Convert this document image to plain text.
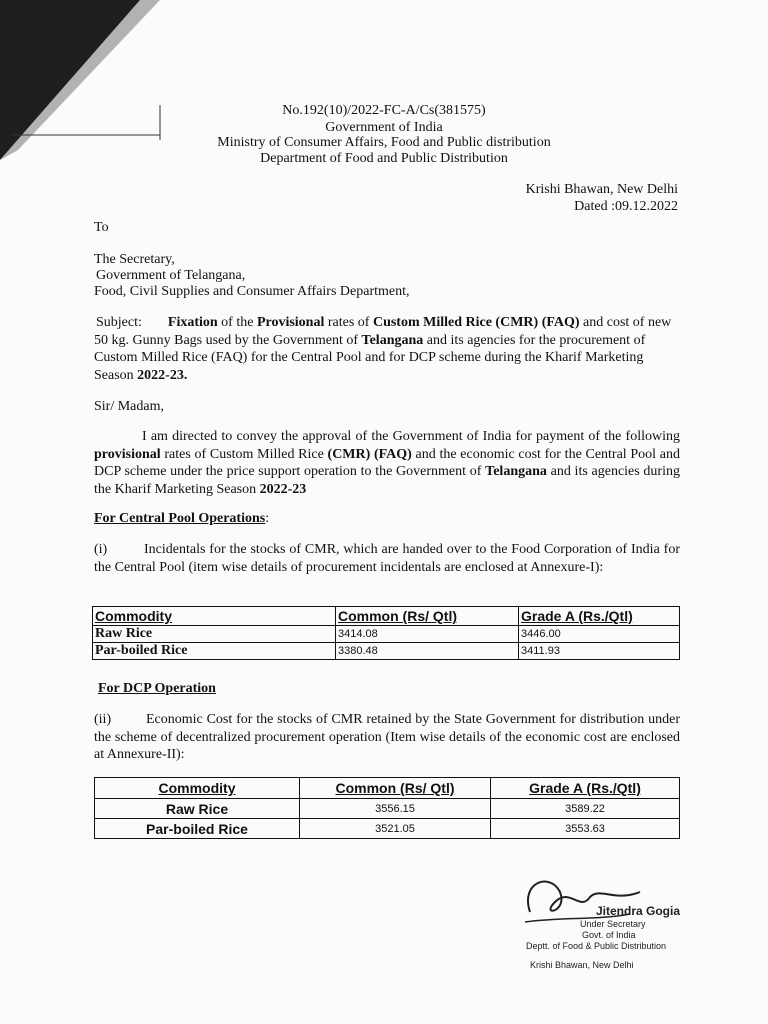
No.192(10)/2022-FC-A/Cs(381575)
Government of India
Ministry of Consumer Affairs, Food and Public distribution
Department of Food and Public Distribution
Krishi Bhawan, New Delhi
Dated :09.12.2022
To
The Secretary,
Government of Telangana,
Food, Civil Supplies and Consumer Affairs Department,
Subject: Fixation of the Provisional rates of Custom Milled Rice (CMR) (FAQ) and cost of new 50 kg. Gunny Bags used by the Government of Telangana and its agencies for the procurement of Custom Milled Rice (FAQ) for the Central Pool and for DCP scheme during the Kharif Marketing Season 2022-23.
Sir/ Madam,
I am directed to convey the approval of the Government of India for payment of the following provisional rates of Custom Milled Rice (CMR) (FAQ) and the economic cost for the Central Pool and DCP scheme under the price support operation to the Government of Telangana and its agencies during the Kharif Marketing Season 2022-23
For Central Pool Operations:
(i)	Incidentals for the stocks of CMR, which are handed over to the Food Corporation of India for the Central Pool (item wise details of procurement incidentals are enclosed at Annexure-I):
Commodity	Common (Rs/ Qtl)	Grade A (Rs./Qtl)
Raw Rice	3414.08	3446.00
Par-boiled Rice	3380.48	3411.93
For DCP Operation
(ii) Economic Cost for the stocks of CMR retained by the State Government for distribution under the scheme of decentralized procurement operation (Item wise details of the economic cost are enclosed at Annexure-II):
Commodity	Common (Rs/ Qtl)	Grade A (Rs./Qtl)
Raw Rice	3556.15	3589.22
Par-boiled Rice	3521.05	3553.63
Jitendra Gogia
Under Secretary
Govt. of India
Deptt. of Food & Public Distribution
Krishi Bhawan, New Delhi
